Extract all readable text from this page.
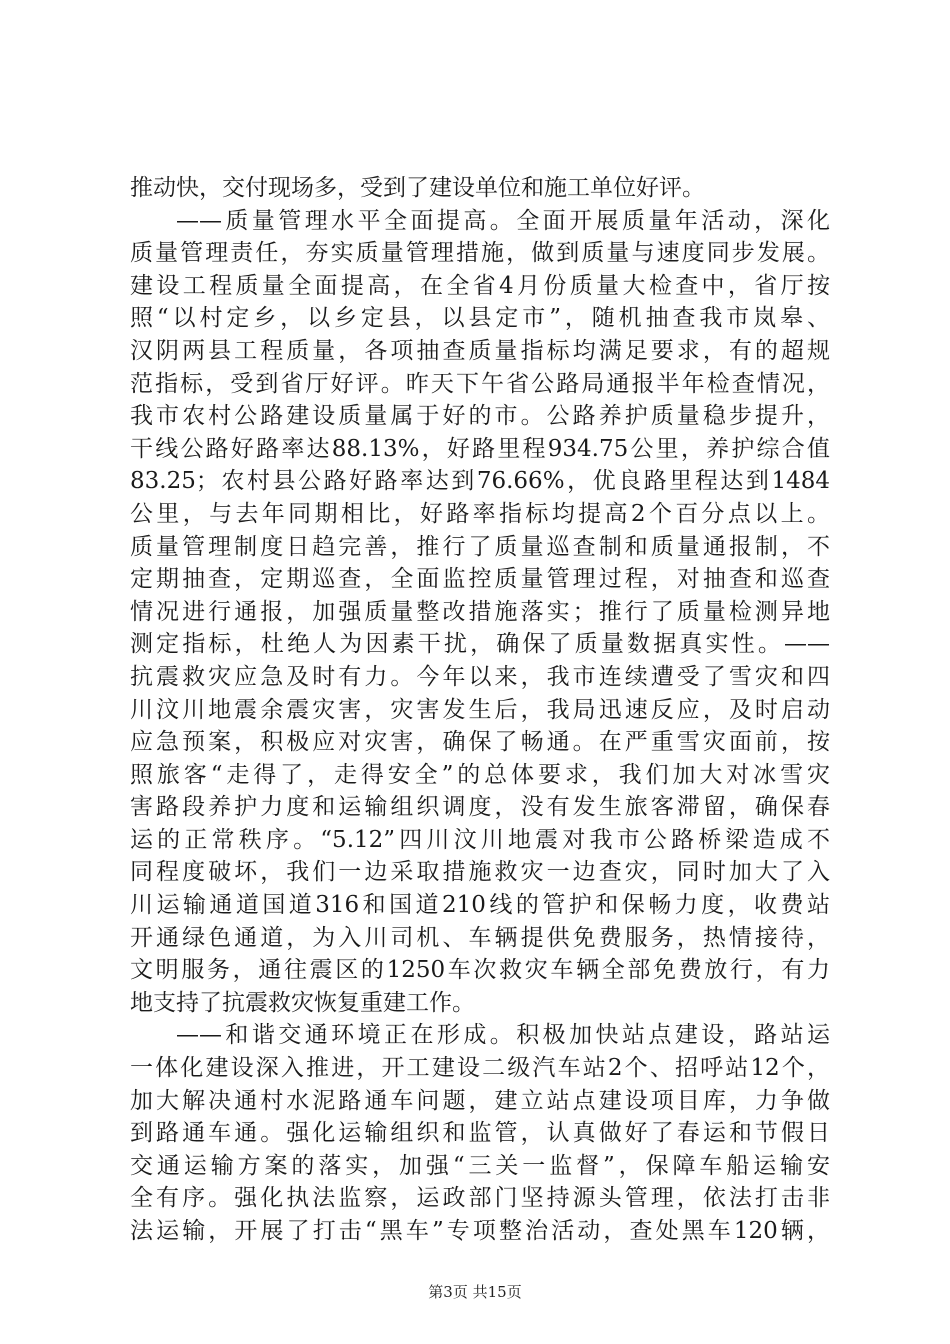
推动快，交付现场多，受到了建设单位和施工单位好评。
——质量管理水平全面提高。全面开展质量年活动，深化
质量管理责任，夯实质量管理措施，做到质量与速度同步发展。
建设工程质量全面提高，在全省4月份质量大检查中，省厅按
照“以村定乡，以乡定县，以县定市”，随机抽查我市岚皋、
汉阴两县工程质量，各项抽查质量指标均满足要求，有的超规
范指标，受到省厅好评。昨天下午省公路局通报半年检查情况，
我市农村公路建设质量属于好的市。公路养护质量稳步提升，
干线公路好路率达88.13%，好路里程934.75公里，养护综合值
83.25；农村县公路好路率达到76.66%，优良路里程达到1484
公里，与去年同期相比，好路率指标均提高2个百分点以上。
质量管理制度日趋完善，推行了质量巡查制和质量通报制，不
定期抽查，定期巡查，全面监控质量管理过程，对抽查和巡查
情况进行通报，加强质量整改措施落实；推行了质量检测异地
测定指标，杜绝人为因素干扰，确保了质量数据真实性。——
抗震救灾应急及时有力。今年以来，我市连续遭受了雪灾和四
川汶川地震余震灾害，灾害发生后，我局迅速反应，及时启动
应急预案，积极应对灾害，确保了畅通。在严重雪灾面前，按
照旅客“走得了，走得安全”的总体要求，我们加大对冰雪灾
害路段养护力度和运输组织调度，没有发生旅客滞留，确保春
运的正常秩序。“5.12”四川汶川地震对我市公路桥梁造成不
同程度破坏，我们一边采取措施救灾一边查灾，同时加大了入
川运输通道国道316和国道210线的管护和保畅力度，收费站
开通绿色通道，为入川司机、车辆提供免费服务，热情接待，
文明服务，通往震区的1250车次救灾车辆全部免费放行，有力
地支持了抗震救灾恢复重建工作。
——和谐交通环境正在形成。积极加快站点建设，路站运
一体化建设深入推进，开工建设二级汽车站2个、招呼站12个，
加大解决通村水泥路通车问题，建立站点建设项目库，力争做
到路通车通。强化运输组织和监管，认真做好了春运和节假日
交通运输方案的落实，加强“三关一监督”，保障车船运输安
全有序。强化执法监察，运政部门坚持源头管理，依法打击非
法运输，开展了打击“黑车”专项整治活动，查处黑车120辆，
第3页 共15页
